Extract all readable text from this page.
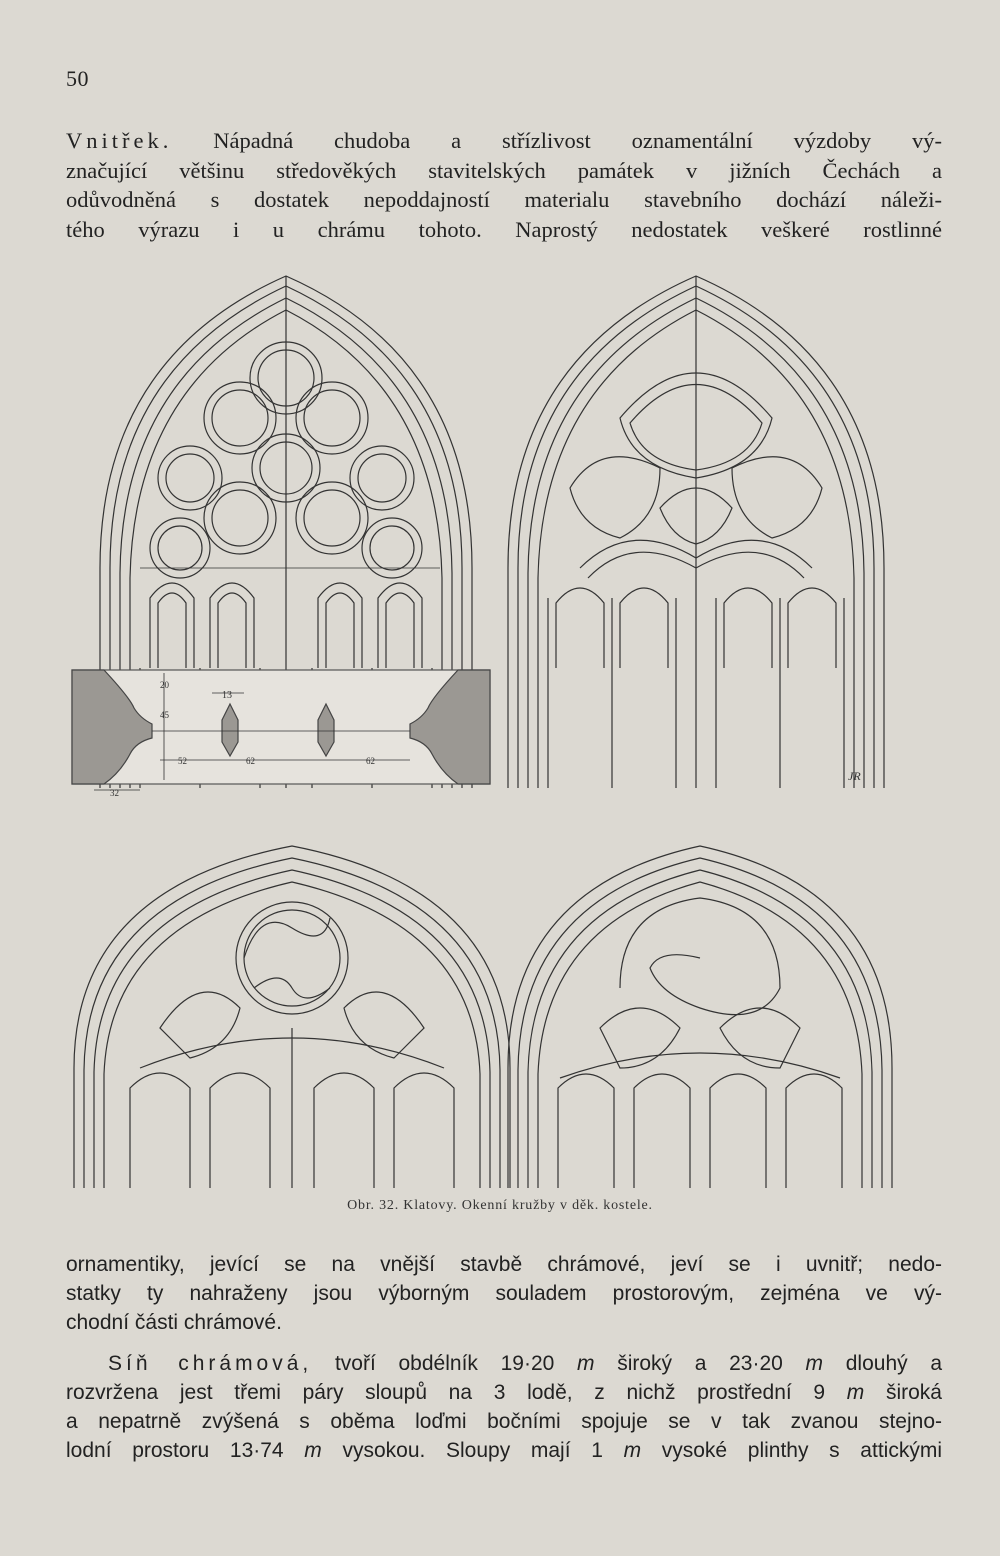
50

Vnitřek. Nápadná chudoba a střízlivost oznamentální výzdoby vý-
značující většinu středověkých stavitelských památek v jižních Čechách a
odůvodněná s dostatek nepoddajností materialu stavebního dochází náleži-
tého výrazu i u chrámu tohoto. Naprostý nedostatek veškeré rostlinné

13
20
45
52	62	62
32
JR
Obr. 32. Klatovy. Okenní kružby v děk. kostele.

ornamentiky, jevící se na vnější stavbě chrámové, jeví se i uvnitř; nedo-
statky ty nahraženy jsou výborným souladem prostorovým, zejména ve vý-
chodní části chrámové.

  Síň chrámová, tvoří obdélník 19·20 m široký a 23·20 m dlouhý a
rozvržena jest třemi páry sloupů na 3 lodě, z nichž prostřední 9 m široká
a nepatrně zvýšená s oběma loďmi bočními spojuje se v tak zvanou stejno-
lodní prostoru 13·74 m vysokou. Sloupy mají 1 m vysoké plinthy s attickými
